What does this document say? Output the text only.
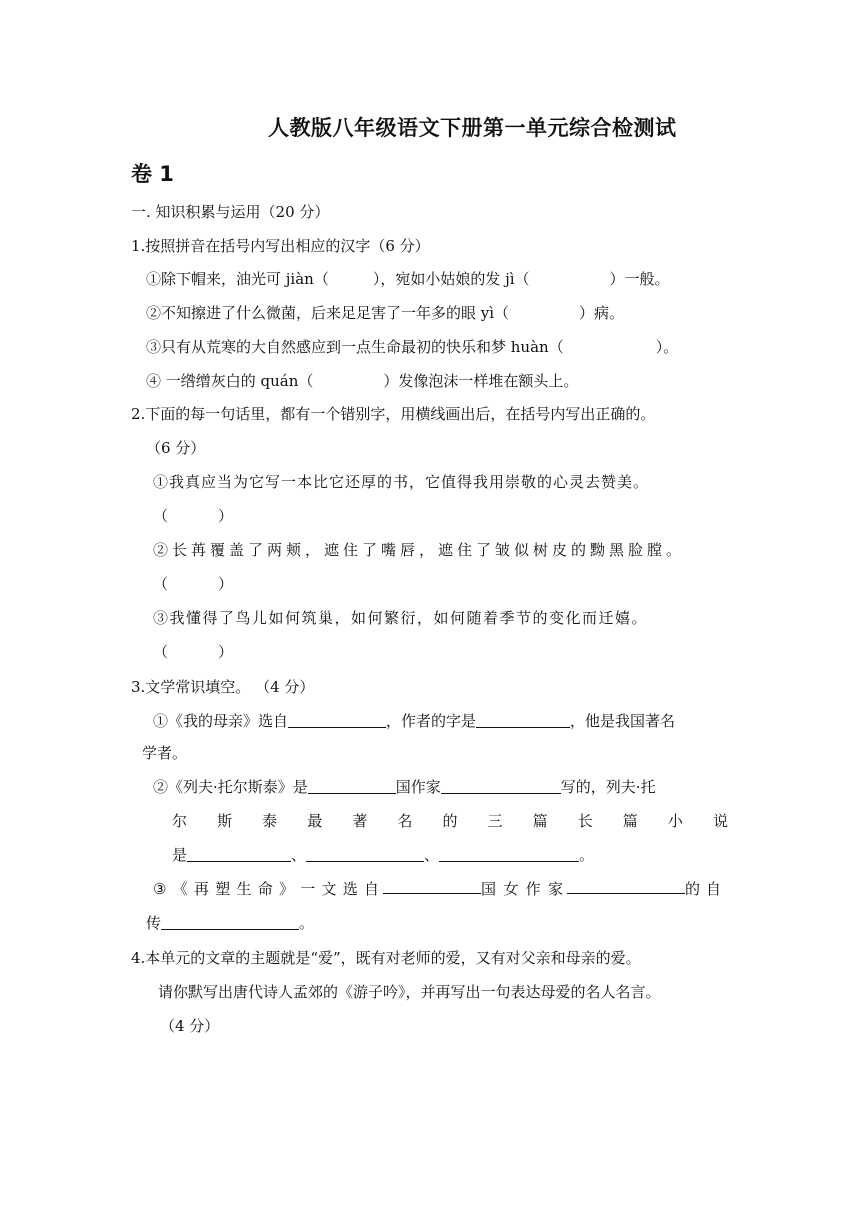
人教版八年级语文下册第一单元综合检测试
卷 1
一. 知识积累与运用（20 分）
1.按照拼音在括号内写出相应的汉字（6 分）
①除下帽来，油光可 jiàn（	），宛如小姑娘的发 jì（	）一般。
②不知擦进了什么微菌，后来足足害了一年多的眼 yì（	）病。
③只有从荒寒的大自然感应到一点生命最初的快乐和梦 huàn（	）。
④ 一绺缯灰白的 quán（	）发像泡沫一样堆在额头上。
2.下面的每一句话里，都有一个错别字，用横线画出后，在括号内写出正确的。
（6 分）
①我真应当为它写一本比它还厚的书，它值得我用崇敬的心灵去赞美。
（	）
②长苒覆盖了两颊，遮住了嘴唇，遮住了皱似树皮的黝黑脸膛。
（	）
③我懂得了鸟儿如何筑巢，如何繁衍，如何随着季节的变化而迁嬉。
（	）
3.文学常识填空。 （4 分）
①《我的母亲》选自	，作者的字是	，他是我国著名
学者。
②《列夫·托尔斯泰》是	国作家	写的，列夫·托
尔 斯 泰 最 著 名 的 三 篇 长 篇 小 说
是	、	、	。
③ 《 再 塑 生 命 》 一 文 选 自	国 女 作 家	的自
传	。
4.本单元的文章的主题就是“爱”，既有对老师的爱，又有对父亲和母亲的爱。
请你默写出唐代诗人孟郊的《游子吟》，并再写出一句表达母爱的名人名言。
（4 分）
